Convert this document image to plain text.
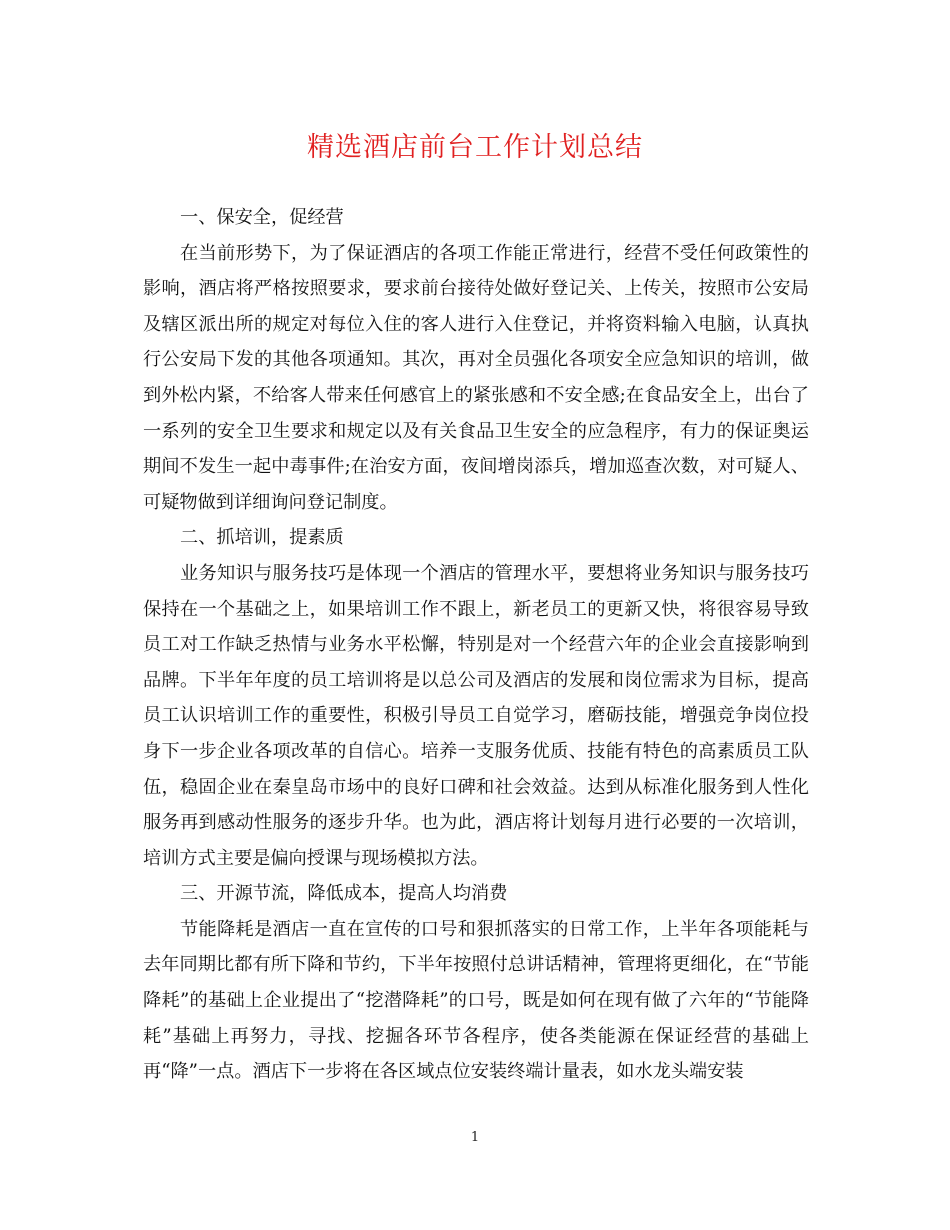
精选酒店前台工作计划总结

一、保安全，促经营

在当前形势下，为了保证酒店的各项工作能正常进行，经营不受任何政策性的影响，酒店将严格按照要求，要求前台接待处做好登记关、上传关，按照市公安局及辖区派出所的规定对每位入住的客人进行入住登记，并将资料输入电脑，认真执行公安局下发的其他各项通知。其次，再对全员强化各项安全应急知识的培训，做到外松内紧，不给客人带来任何感官上的紧张感和不安全感;在食品安全上，出台了一系列的安全卫生要求和规定以及有关食品卫生安全的应急程序，有力的保证奥运期间不发生一起中毒事件;在治安方面，夜间增岗添兵，增加巡查次数，对可疑人、可疑物做到详细询问登记制度。

二、抓培训，提素质

业务知识与服务技巧是体现一个酒店的管理水平，要想将业务知识与服务技巧保持在一个基础之上，如果培训工作不跟上，新老员工的更新又快，将很容易导致员工对工作缺乏热情与业务水平松懈，特别是对一个经营六年的企业会直接影响到品牌。下半年年度的员工培训将是以总公司及酒店的发展和岗位需求为目标，提高员工认识培训工作的重要性，积极引导员工自觉学习，磨砺技能，增强竞争岗位投身下一步企业各项改革的自信心。培养一支服务优质、技能有特色的高素质员工队伍，稳固企业在秦皇岛市场中的良好口碑和社会效益。达到从标准化服务到人性化服务再到感动性服务的逐步升华。也为此，酒店将计划每月进行必要的一次培训，培训方式主要是偏向授课与现场模拟方法。

三、开源节流，降低成本，提高人均消费

节能降耗是酒店一直在宣传的口号和狠抓落实的日常工作，上半年各项能耗与去年同期比都有所下降和节约，下半年按照付总讲话精神，管理将更细化，在“节能降耗”的基础上企业提出了“挖潜降耗”的口号，既是如何在现有做了六年的“节能降耗”基础上再努力，寻找、挖掘各环节各程序，使各类能源在保证经营的基础上再“降”一点。酒店下一步将在各区域点位安装终端计量表，如水龙头端安装

1
